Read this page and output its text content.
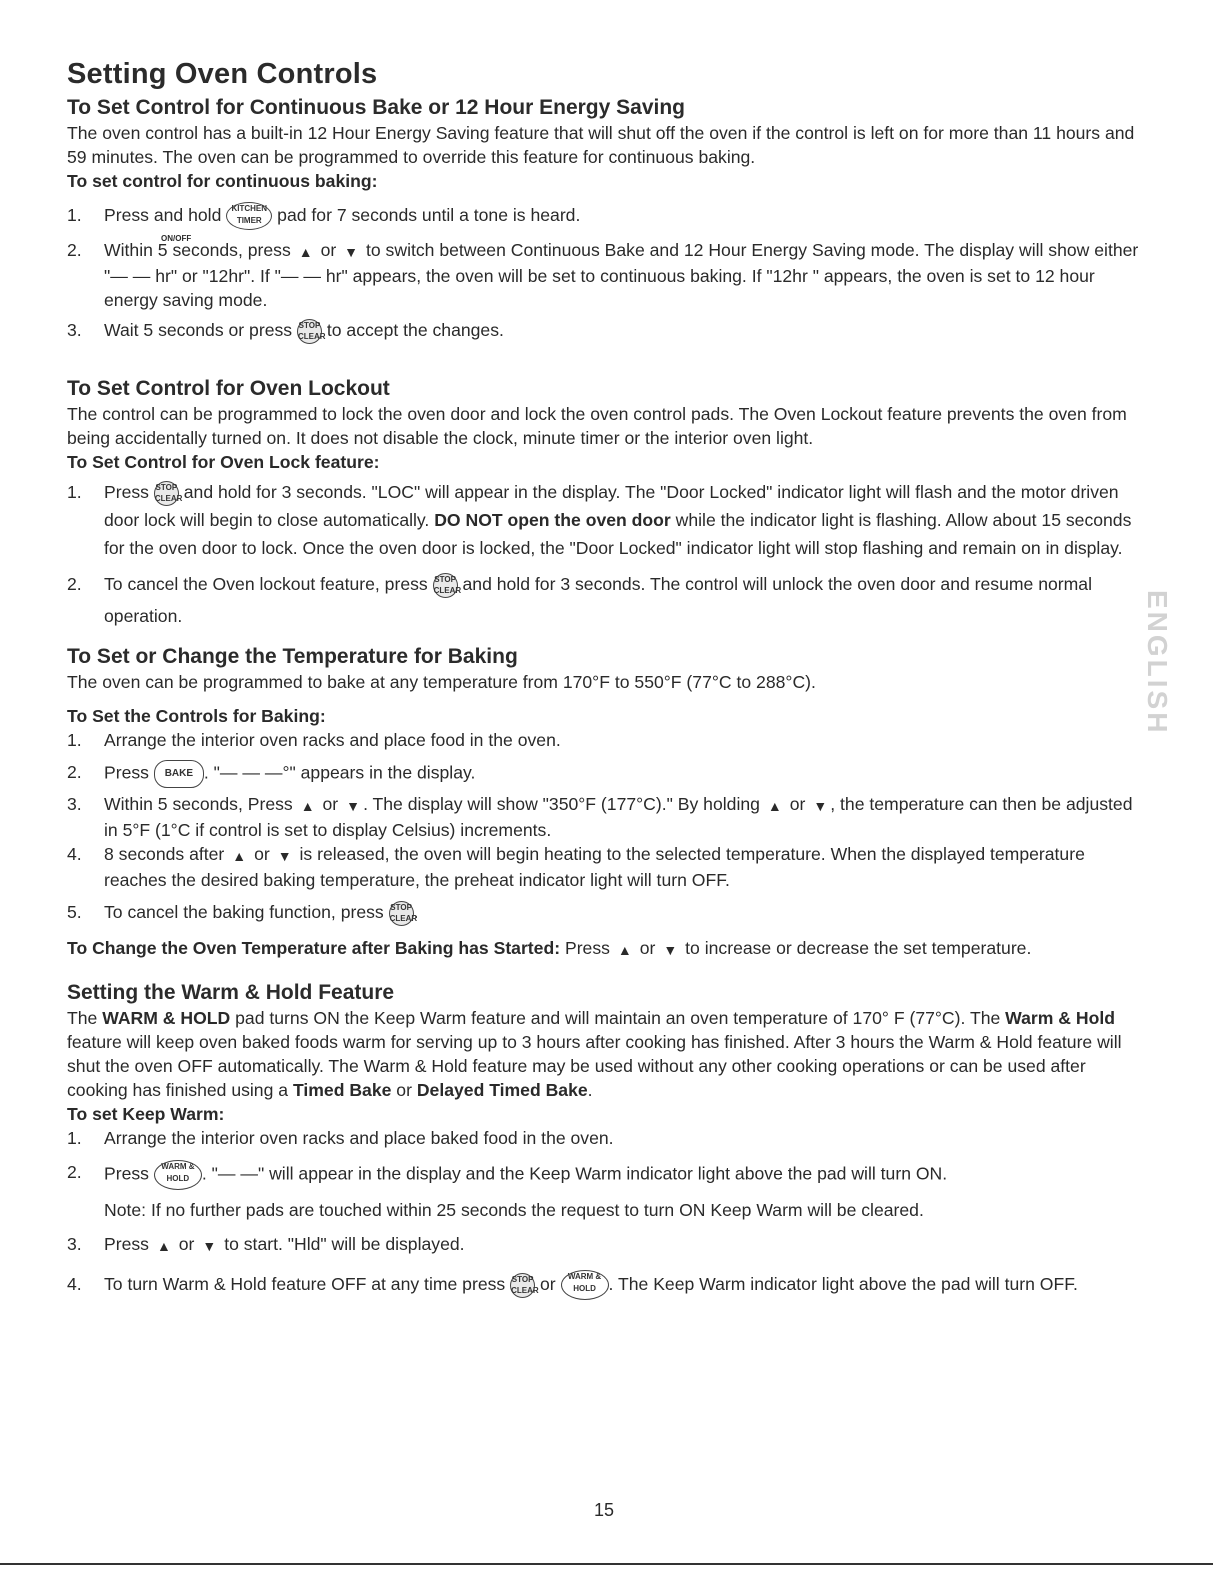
Setting Oven Controls
To Set Control for Continuous Bake or 12 Hour Energy Saving

The oven control has a built-in 12 Hour Energy Saving feature that will shut off the oven if the control is left on for more than 11 hours and 59 minutes. The oven can be programmed to override this feature for continuous baking.

To set control for continuous baking:
1. Press and hold KITCHEN TIMER pad for 7 seconds until a tone is heard.
ON/OFF
2. Within 5 seconds, press ▲ or ▼ to switch between Continuous Bake and 12 Hour Energy Saving mode. The display will show either "— — hr" or "12hr". If "— — hr" appears, the oven will be set to continuous baking. If "12hr " appears, the oven is set to 12 hour energy saving mode.
3. Wait 5 seconds or press STOP CLEAR to accept the changes.
To Set Control for Oven Lockout

The control can be programmed to lock the oven door and lock the oven control pads. The Oven Lockout feature prevents the oven from being accidentally turned on. It does not disable the clock, minute timer or the interior oven light.

To Set Control for Oven Lock feature:
1. Press STOP CLEAR and hold for 3 seconds. "LOC" will appear in the display. The "Door Locked" indicator light will flash and the motor driven door lock will begin to close automatically. DO NOT open the oven door while the indicator light is flashing. Allow about 15 seconds for the oven door to lock. Once the oven door is locked, the "Door Locked" indicator light will stop flashing and remain on in display.
2. To cancel the Oven lockout feature, press STOP CLEAR and hold for 3 seconds. The control will unlock the oven door and resume normal operation.
To Set or Change the Temperature for Baking

The oven can be programmed to bake at any temperature from 170°F to 550°F (77°C to 288°C).

To Set the Controls for Baking:
1. Arrange the interior oven racks and place food in the oven.
2. Press BAKE . "— — —°" appears in the display.
3. Within 5 seconds, Press ▲ or ▼ . The display will show "350°F (177°C)." By holding ▲ or ▼ , the temperature can then be adjusted in 5°F (1°C if control is set to display Celsius) increments.
4. 8 seconds after ▲ or ▼ is released, the oven will begin heating to the selected temperature. When the displayed temperature reaches the desired baking temperature, the preheat indicator light will turn OFF.
5. To cancel the baking function, press STOP CLEAR.

To Change the Oven Temperature after Baking has Started: Press ▲ or ▼ to increase or decrease the set temperature.

Setting the Warm & Hold Feature

The WARM & HOLD pad turns ON the Keep Warm feature and will maintain an oven temperature of 170° F (77°C). The Warm & Hold feature will keep oven baked foods warm for serving up to 3 hours after cooking has finished. After 3 hours the Warm & Hold feature will shut the oven OFF automatically. The Warm & Hold feature may be used without any other cooking operations or can be used after cooking has finished using a Timed Bake or Delayed Timed Bake.

To set Keep Warm:
1. Arrange the interior oven racks and place baked food in the oven.
2. Press WARM & HOLD . "— —" will appear in the display and the Keep Warm indicator light above the pad will turn ON.
Note: If no further pads are touched within 25 seconds the request to turn ON Keep Warm will be cleared.
3. Press ▲ or ▼ to start. "Hld" will be displayed.
4. To turn Warm & Hold feature OFF at any time press STOP CLEAR or WARM & HOLD . The Keep Warm indicator light above the pad will turn OFF.
ENGLISH
15
